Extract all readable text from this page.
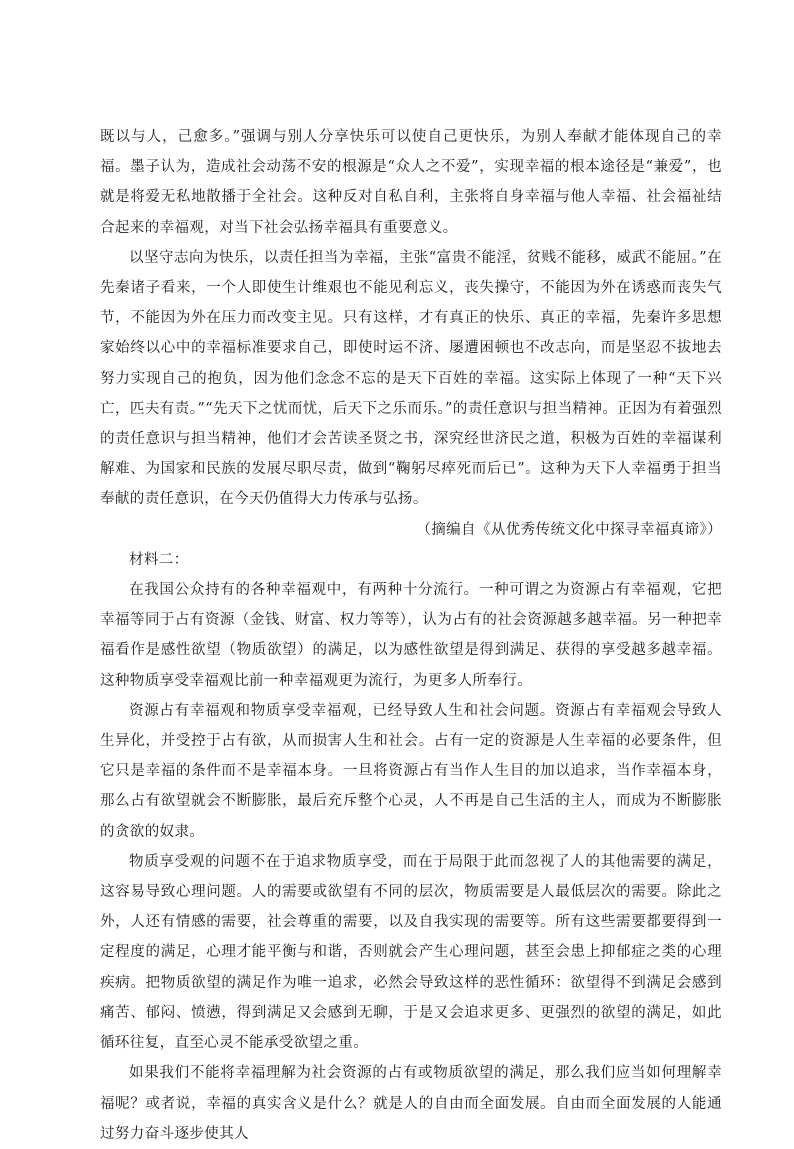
既以与人，己愈多。”强调与别人分享快乐可以使自己更快乐，为别人奉献才能体现自己的幸福。墨子认为，造成社会动荡不安的根源是“众人之不爱”，实现幸福的根本途径是“兼爱”，也就是将爱无私地散播于全社会。这种反对自私自利，主张将自身幸福与他人幸福、社会福祉结合起来的幸福观，对当下社会弘扬幸福具有重要意义。

以坚守志向为快乐，以责任担当为幸福，主张“富贵不能淫，贫贱不能移，威武不能屈。”在先秦诸子看来，一个人即使生计维艰也不能见利忘义，丧失操守，不能因为外在诱惑而丧失气节，不能因为外在压力而改变主见。只有这样，才有真正的快乐、真正的幸福，先秦许多思想家始终以心中的幸福标准要求自己，即使时运不济、屡遭困顿也不改志向，而是坚忍不拔地去努力实现自己的抱负，因为他们念念不忘的是天下百姓的幸福。这实际上体现了一种“天下兴亡，匹夫有责。”“先天下之忧而忧，后天下之乐而乐。”的责任意识与担当精神。正因为有着强烈的责任意识与担当精神，他们才会苦读圣贤之书，深究经世济民之道，积极为百姓的幸福谋利解难、为国家和民族的发展尽职尽责，做到“鞠躬尽瘁死而后已”。这种为天下人幸福勇于担当奉献的责任意识，在今天仍值得大力传承与弘扬。

（摘编自《从优秀传统文化中探寻幸福真谛》）

材料二：

在我国公众持有的各种幸福观中，有两种十分流行。一种可谓之为资源占有幸福观，它把幸福等同于占有资源（金钱、财富、权力等等），认为占有的社会资源越多越幸福。另一种把幸福看作是感性欲望（物质欲望）的满足，以为感性欲望是得到满足、获得的享受越多越幸福。这种物质享受幸福观比前一种幸福观更为流行，为更多人所奉行。

资源占有幸福观和物质享受幸福观，已经导致人生和社会问题。资源占有幸福观会导致人生异化，并受控于占有欲，从而损害人生和社会。占有一定的资源是人生幸福的必要条件，但它只是幸福的条件而不是幸福本身。一旦将资源占有当作人生目的加以追求，当作幸福本身，那么占有欲望就会不断膨胀，最后充斥整个心灵，人不再是自己生活的主人，而成为不断膨胀的贪欲的奴隶。

物质享受观的问题不在于追求物质享受，而在于局限于此而忽视了人的其他需要的满足，这容易导致心理问题。人的需要或欲望有不同的层次，物质需要是人最低层次的需要。除此之外，人还有情感的需要，社会尊重的需要，以及自我实现的需要等。所有这些需要都要得到一定程度的满足，心理才能平衡与和谐，否则就会产生心理问题，甚至会患上抑郁症之类的心理疾病。把物质欲望的满足作为唯一追求，必然会导致这样的恶性循环：欲望得不到满足会感到痛苦、郁闷、愤懑，得到满足又会感到无聊，于是又会追求更多、更强烈的欲望的满足，如此循环往复，直至心灵不能承受欲望之重。

如果我们不能将幸福理解为社会资源的占有或物质欲望的满足，那么我们应当如何理解幸福呢？或者说，幸福的真实含义是什么？就是人的自由而全面发展。自由而全面发展的人能通过努力奋斗逐步使其人
